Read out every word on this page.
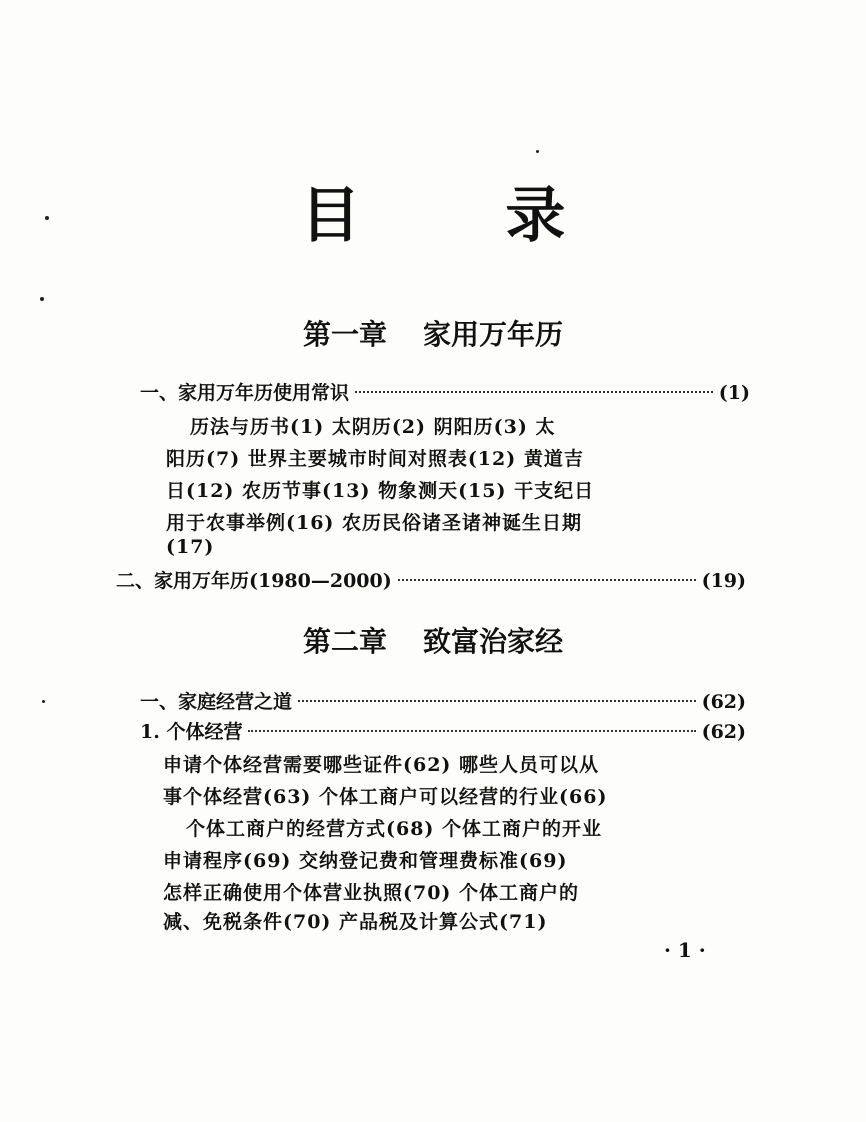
目 录
第一章 家用万年历
一、家用万年历使用常识	(1)
历法与历书(1) 太阴历(2) 阴阳历(3) 太
阳历(7) 世界主要城市时间对照表(12) 黄道吉
日(12) 农历节事(13) 物象测天(15) 干支纪日
用于农事举例(16) 农历民俗诸圣诸神诞生日期
(17)
二、家用万年历(1980—2000)	(19)
第二章 致富治家经
一、家庭经营之道	(62)
1. 个体经营	(62)
申请个体经营需要哪些证件(62) 哪些人员可以从
事个体经营(63) 个体工商户可以经营的行业(66)
个体工商户的经营方式(68) 个体工商户的开业
申请程序(69) 交纳登记费和管理费标准(69)
怎样正确使用个体营业执照(70) 个体工商户的
减、免税条件(70) 产品税及计算公式(71)
· 1 ·
